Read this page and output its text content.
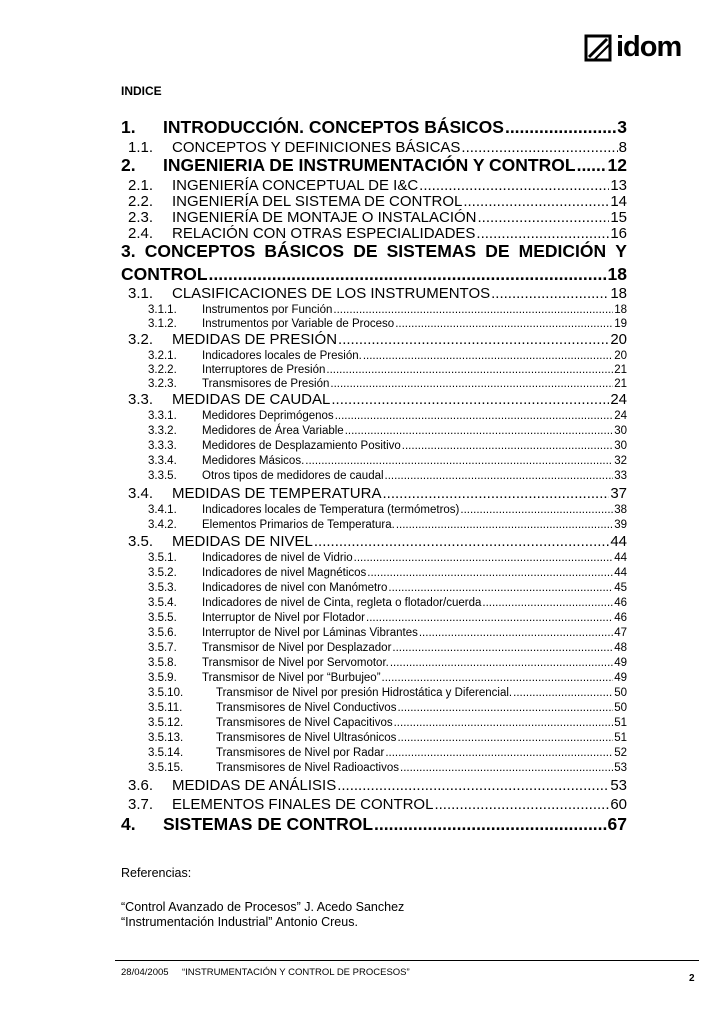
idom
INDICE
1.	INTRODUCCIÓN. CONCEPTOS BÁSICOS .....	3
1.1.	CONCEPTOS Y DEFINICIONES BÁSICAS .....	8
2.	INGENIERIA DE INSTRUMENTACIÓN Y CONTROL ..... 12
2.1.	INGENIERÍA CONCEPTUAL DE I&C .....	13
2.2.	INGENIERÍA DEL SISTEMA DE CONTROL .....	14
2.3.	INGENIERÍA DE MONTAJE O INSTALACIÓN .....	15
2.4.	RELACIÓN CON OTRAS ESPECIALIDADES .....	16
3. CONCEPTOS BÁSICOS DE SISTEMAS DE MEDICIÓN Y
CONTROL .....	18
3.1.	CLASIFICACIONES DE LOS INSTRUMENTOS .....	18
3.1.1.	Instrumentos por Función .....	18
3.1.2.	Instrumentos por Variable de Proceso .....	19
3.2.	MEDIDAS DE PRESIÓN .....	20
3.2.1.	Indicadores locales de Presión. .....	20
3.2.2.	Interruptores de Presión .....	21
3.2.3.	Transmisores de Presión .....	21
3.3.	MEDIDAS DE CAUDAL .....	24
3.3.1.	Medidores Deprimógenos .....	24
3.3.2.	Medidores de Área Variable .....	30
3.3.3.	Medidores de Desplazamiento Positivo .....	30
3.3.4.	Medidores Másicos. .....	32
3.3.5.	Otros tipos de medidores de caudal .....	33
3.4.	MEDIDAS DE TEMPERATURA .....	37
3.4.1.	Indicadores locales de Temperatura (termómetros) .....	38
3.4.2.	Elementos Primarios de Temperatura. .....	39
3.5.	MEDIDAS DE NIVEL .....	44
3.5.1.	Indicadores de nivel de Vidrio .....	44
3.5.2.	Indicadores de nivel Magnéticos .....	44
3.5.3.	Indicadores de nivel con Manómetro .....	45
3.5.4.	Indicadores de nivel de Cinta, regleta o flotador/cuerda .....	46
3.5.5.	Interruptor de Nivel por Flotador .....	46
3.5.6.	Interruptor de Nivel por Láminas Vibrantes .....	47
3.5.7.	Transmisor de Nivel por Desplazador .....	48
3.5.8.	Transmisor de Nivel por Servomotor. .....	49
3.5.9.	Transmisor de Nivel por “Burbujeo” .....	49
3.5.10.	Transmisor de Nivel por presión Hidrostática y Diferencial. .....	50
3.5.11.	Transmisores de Nivel Conductivos .....	50
3.5.12.	Transmisores de Nivel Capacitivos .....	51
3.5.13.	Transmisores de Nivel Ultrasónicos .....	51
3.5.14.	Transmisores de Nivel por Radar .....	52
3.5.15.	Transmisores de Nivel Radioactivos .....	53
3.6.	MEDIDAS DE ANÁLISIS .....	53
3.7.	ELEMENTOS FINALES DE CONTROL .....	60
4.	SISTEMAS DE CONTROL .....	67
Referencias:
“Control Avanzado de Procesos” J. Acedo Sanchez
“Instrumentación Industrial” Antonio Creus.
28/04/2005 “INSTRUMENTACIÓN Y CONTROL DE PROCESOS”
2
